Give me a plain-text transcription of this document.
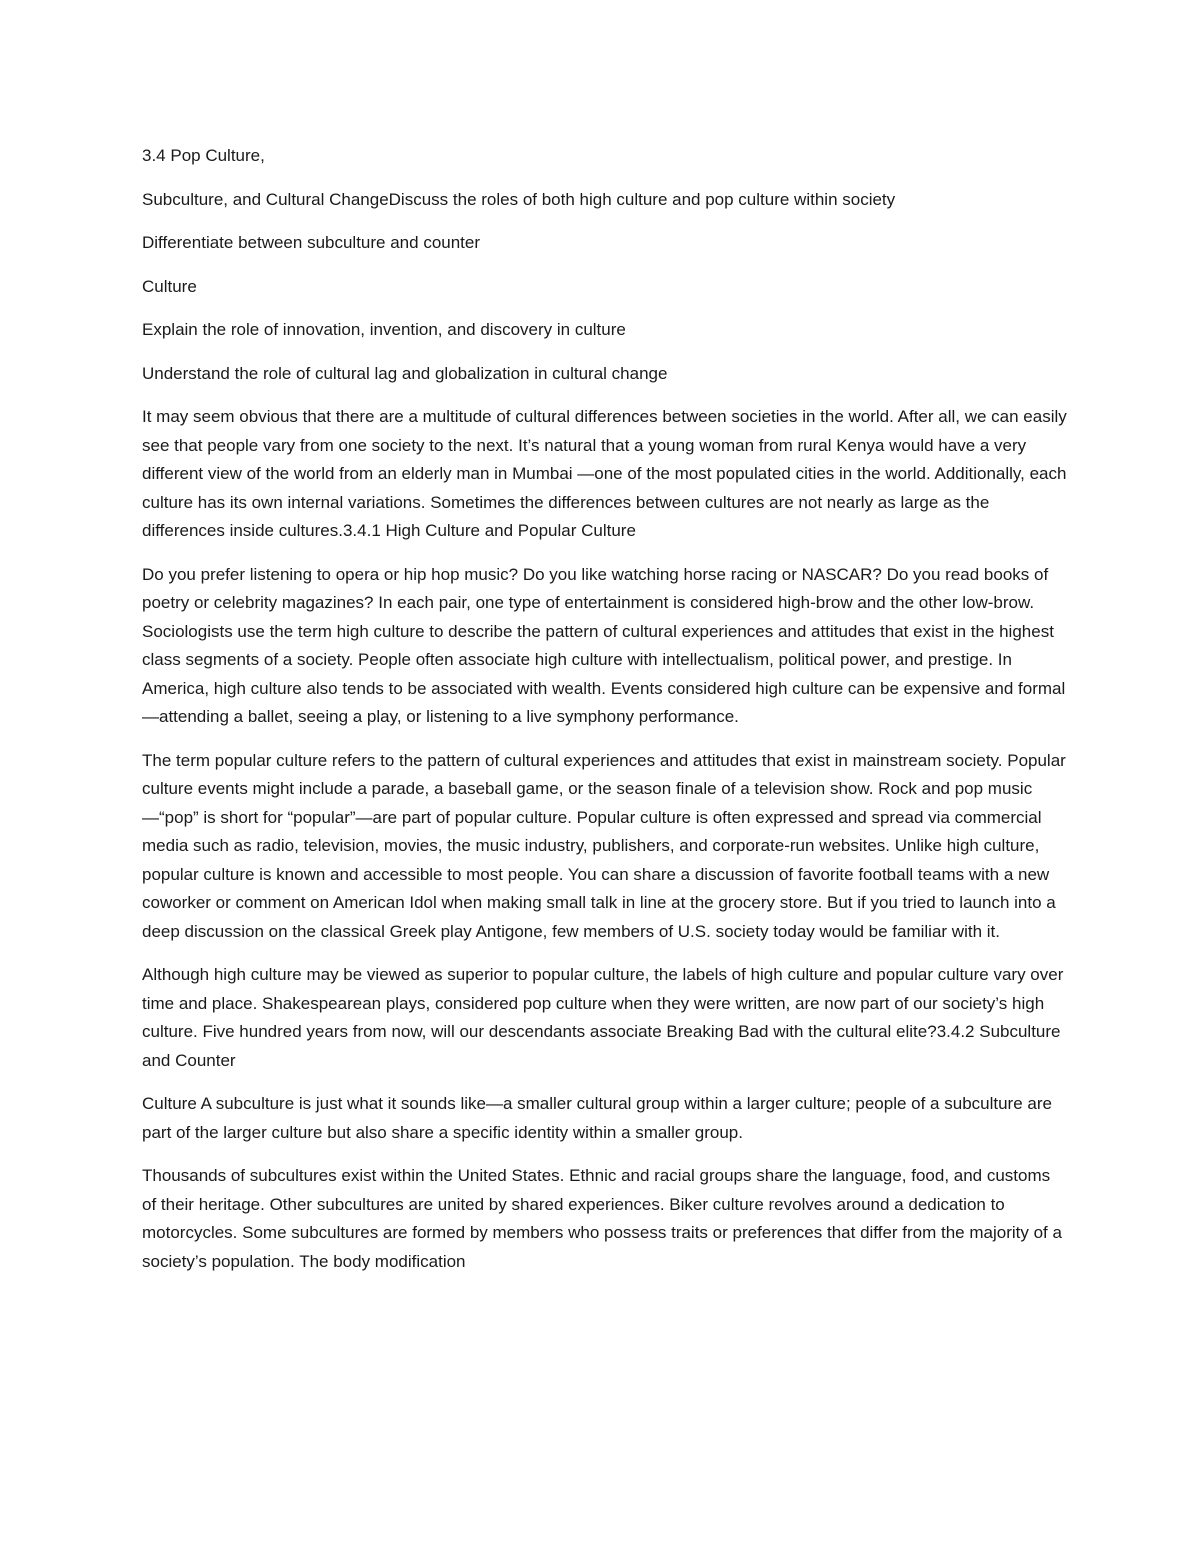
3.4 Pop Culture,

Subculture, and Cultural ChangeDiscuss the roles of both high culture and pop culture within society

Differentiate between subculture and counter

Culture

Explain the role of innovation, invention, and discovery in culture

Understand the role of cultural lag and globalization in cultural change

It may seem obvious that there are a multitude of cultural differences between societies in the world. After all, we can easily see that people vary from one society to the next. It’s natural that a young woman from rural Kenya would have a very different view of the world from an elderly man in Mumbai —one of the most populated cities in the world. Additionally, each culture has its own internal variations. Sometimes the differences between cultures are not nearly as large as the differences inside cultures.3.4.1 High Culture and Popular Culture

Do you prefer listening to opera or hip hop music? Do you like watching horse racing or NASCAR? Do you read books of poetry or celebrity magazines? In each pair, one type of entertainment is considered high-brow and the other low-brow. Sociologists use the term high culture to describe the pattern of cultural experiences and attitudes that exist in the highest class segments of a society. People often associate high culture with intellectualism, political power, and prestige. In America, high culture also tends to be associated with wealth. Events considered high culture can be expensive and formal—attending a ballet, seeing a play, or listening to a live symphony performance.

The term popular culture refers to the pattern of cultural experiences and attitudes that exist in mainstream society. Popular culture events might include a parade, a baseball game, or the season finale of a television show. Rock and pop music—“pop” is short for “popular”—are part of popular culture. Popular culture is often expressed and spread via commercial media such as radio, television, movies, the music industry, publishers, and corporate-run websites. Unlike high culture, popular culture is known and accessible to most people. You can share a discussion of favorite football teams with a new coworker or comment on American Idol when making small talk in line at the grocery store. But if you tried to launch into a deep discussion on the classical Greek play Antigone, few members of U.S. society today would be familiar with it.

Although high culture may be viewed as superior to popular culture, the labels of high culture and popular culture vary over time and place. Shakespearean plays, considered pop culture when they were written, are now part of our society’s high culture. Five hundred years from now, will our descendants associate Breaking Bad with the cultural elite?3.4.2 Subculture and Counter

Culture A subculture is just what it sounds like—a smaller cultural group within a larger culture; people of a subculture are part of the larger culture but also share a specific identity within a smaller group.

Thousands of subcultures exist within the United States. Ethnic and racial groups share the language, food, and customs of their heritage. Other subcultures are united by shared experiences. Biker culture revolves around a dedication to motorcycles. Some subcultures are formed by members who possess traits or preferences that differ from the majority of a society’s population. The body modification
